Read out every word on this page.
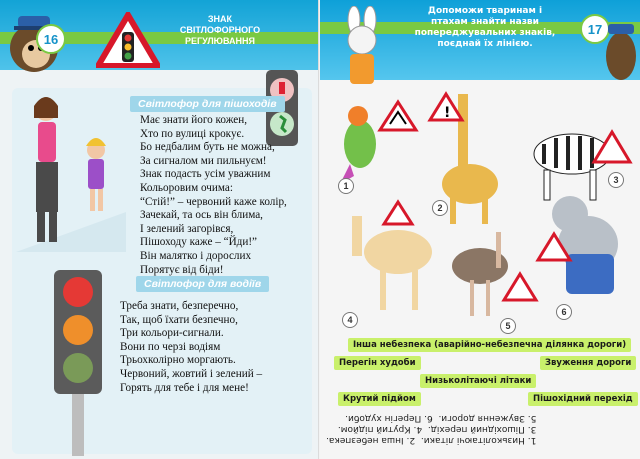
16
ЗНАК
СВІТЛОФОРНОГО
РЕГУЛЮВАННЯ
Світлофор для пішоходів
Має знати його кожен,
Хто по вулиці крокує.
Бо недбалим буть не можна,
За сигналом ми пильнуєм!
Знак подасть усім уважним
Кольоровим очима:
“Стій!” – червоний каже колір,
Зачекай, та ось він блима,
І зелений загорівся,
Пішоходу каже – “Йди!”
Він малятко і дорослих
Порятує від біди!
Світлофор для водіїв
Треба знати, безперечно,
Так, щоб їхати безпечно,
Три кольори-сигнали.
Вони по черзі водіям
Трьохколірно моргають.
Червоний, жовтий і зелений –
Горять для тебе і для мене!
Допоможи тваринам і птахам знайти назви попереджувальних знаків, поєднай їх лінією.
17
!
1
2
3
4
5
6
Інша небезпека (аварійно-небезпечна ділянка дороги)
Перегін худоби	Звуження дороги
Низьколітаючі літаки
Крутий підйом	Пішохідний перехід
1. Низьколітаючі літаки.  2. Інша небезпека.
3. Пішохідний перехід.  4. Крутий підйом.
5. Звуження дороги.  6. Перегін худоби.
